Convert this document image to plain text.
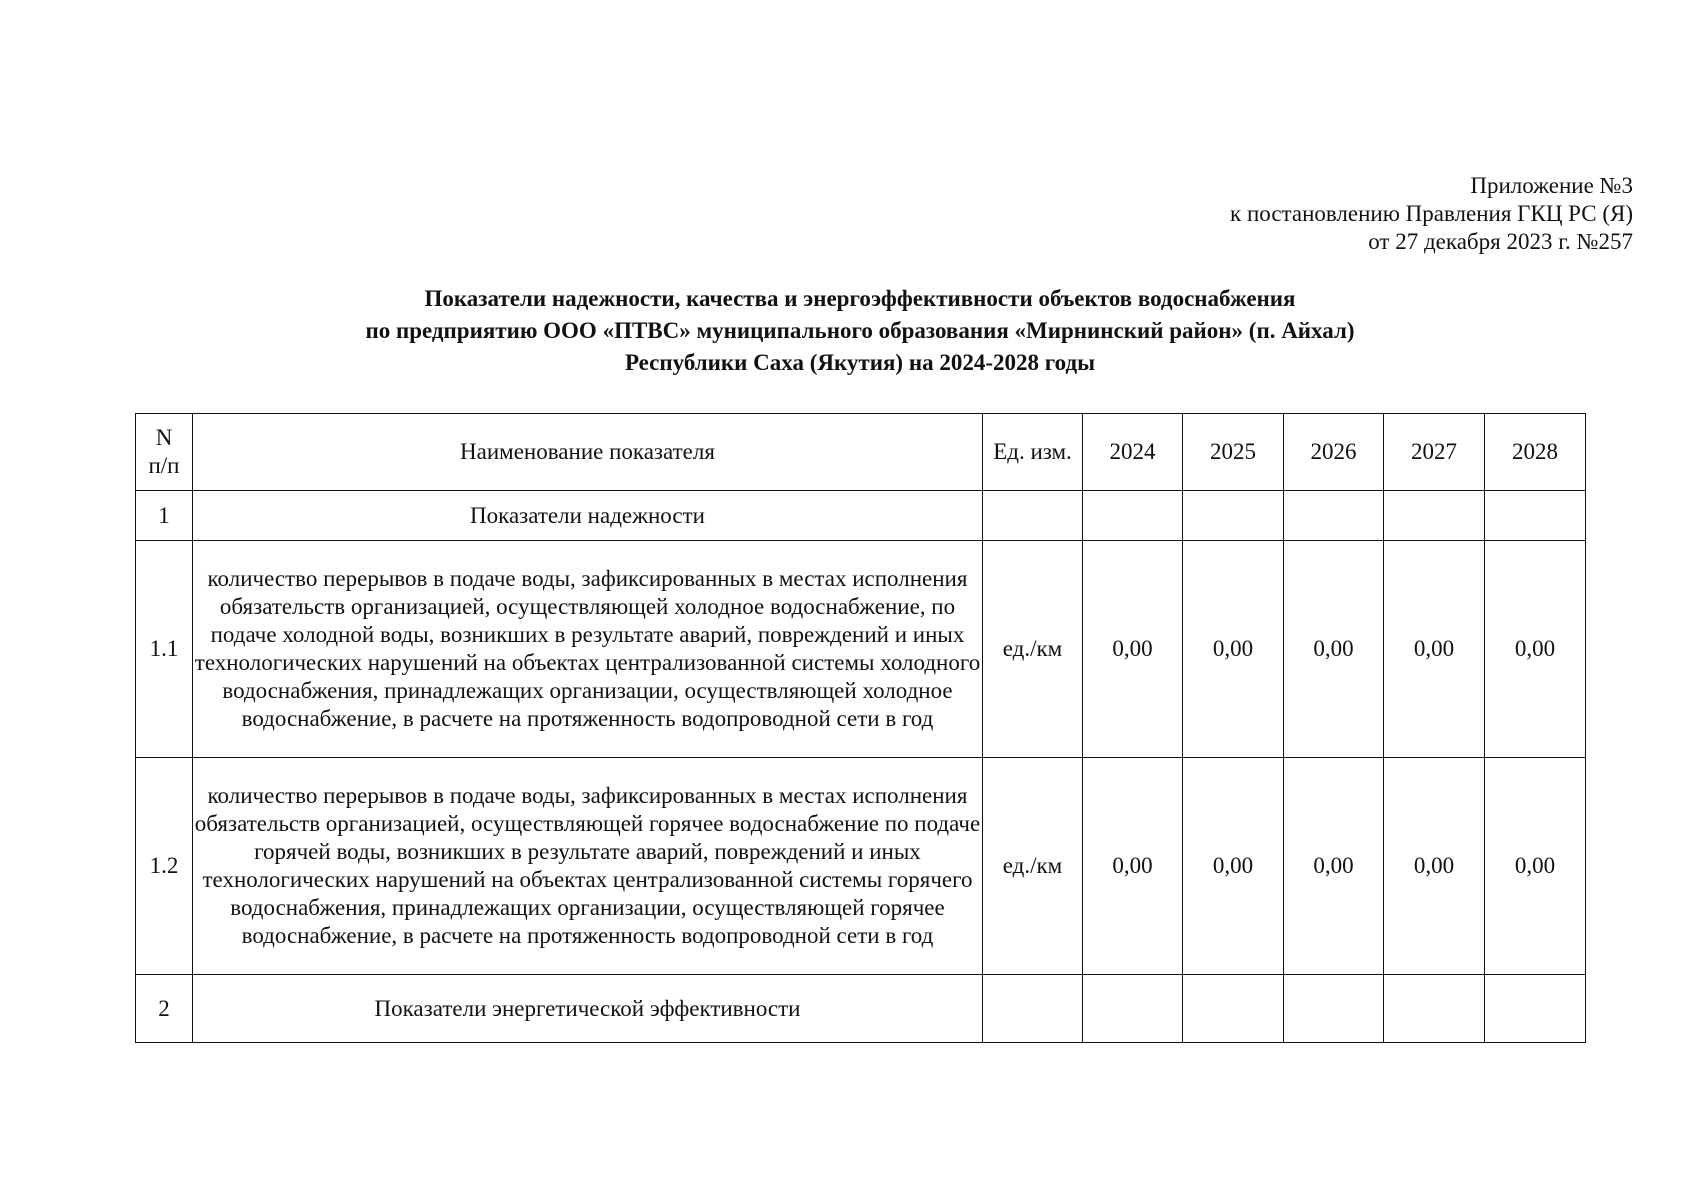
Приложение №3
к постановлению Правления ГКЦ РС (Я)
от 27 декабря 2023 г. №257
Показатели надежности, качества и энергоэффективности объектов водоснабжения
по предприятию ООО «ПТВС» муниципального образования «Мирнинский район» (п. Айхал)
Республики Саха (Якутия) на 2024-2028 годы
N
п/п	Наименование показателя	Ед. изм.	2024	2025	2026	2027	2028
1	Показатели надежности						
1.1	количество перерывов в подаче воды, зафиксированных в местах исполнения обязательств организацией, осуществляющей холодное водоснабжение, по подаче холодной воды, возникших в результате аварий, повреждений и иных технологических нарушений на объектах централизованной системы холодного водоснабжения, принадлежащих организации, осуществляющей холодное водоснабжение, в расчете на протяженность водопроводной сети в год	ед./км	0,00	0,00	0,00	0,00	0,00
1.2	количество перерывов в подаче воды, зафиксированных в местах исполнения обязательств организацией, осуществляющей горячее водоснабжение по подаче горячей воды, возникших в результате аварий, повреждений и иных технологических нарушений на объектах централизованной системы горячего водоснабжения, принадлежащих организации, осуществляющей горячее водоснабжение, в расчете на протяженность водопроводной сети в год	ед./км	0,00	0,00	0,00	0,00	0,00
2	Показатели энергетической эффективности						
